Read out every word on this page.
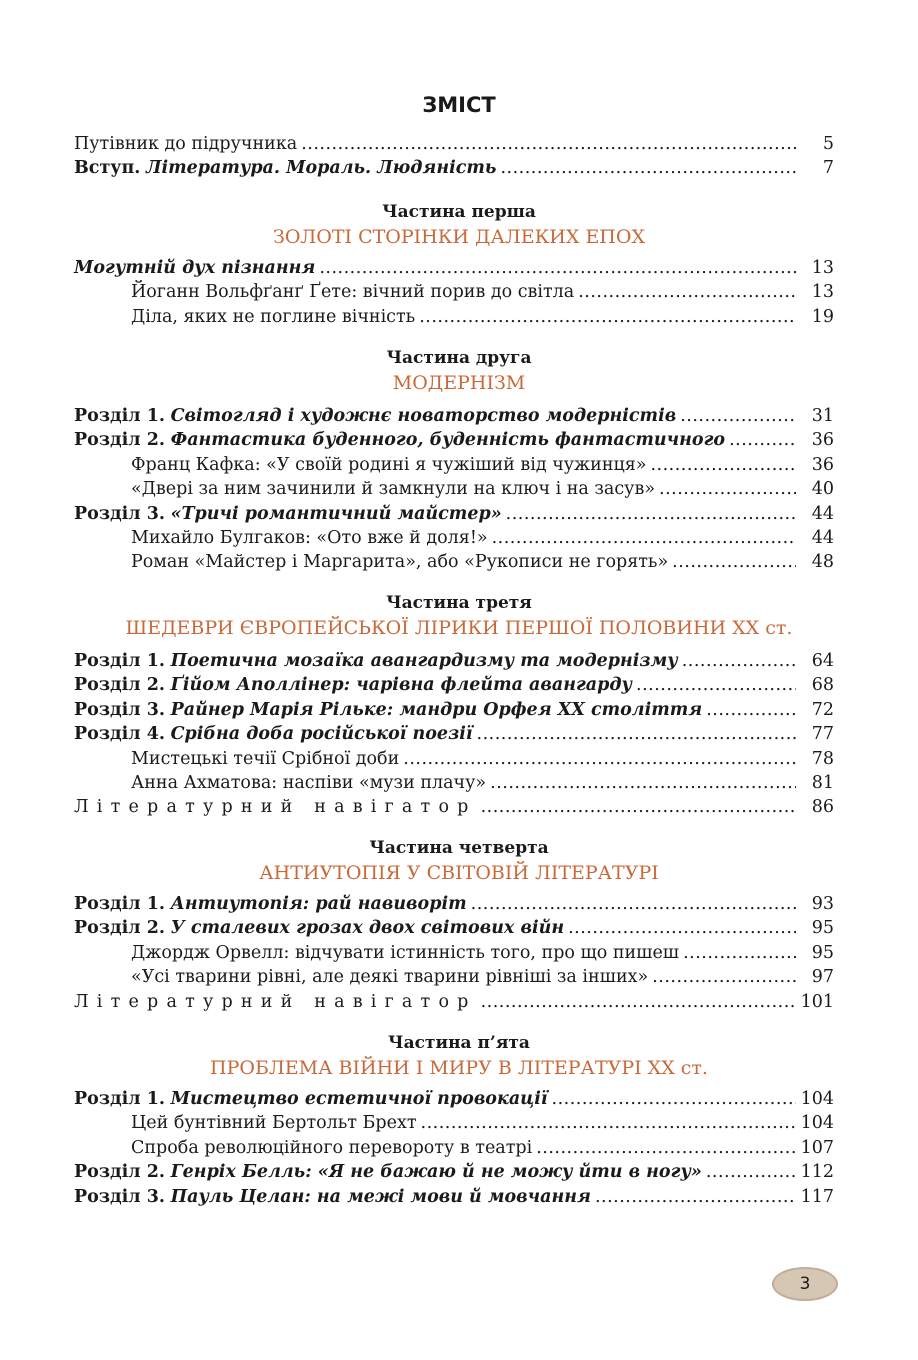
ЗМІСТ
Путівник до підручника .....	5
Вступ. Література. Мораль. Людяність .....	7
Частина перша
ЗОЛОТІ СТОРІНКИ ДАЛЕКИХ ЕПОХ
Могутній дух пізнання .....	13
Йоганн Вольфґанґ Ґете: вічний порив до світла .....	13
Діла, яких не поглине вічність .....	19
Частина друга
МОДЕРНІЗМ
Розділ 1. Світогляд і художнє новаторство модерністів .....	31
Розділ 2. Фантастика буденного, буденність фантастичного .....	36
Франц Кафка: «У своїй родині я чужіший від чужинця» .....	36
«Двері за ним зачинили й замкнули на ключ і на засув» .....	40
Розділ 3. «Тричі романтичний майстер» .....	44
Михайло Булгаков: «Ото вже й доля!» .....	44
Роман «Майстер і Маргарита», або «Рукописи не горять» .....	48
Частина третя
ШЕДЕВРИ ЄВРОПЕЙСЬКОЇ ЛІРИКИ ПЕРШОЇ ПОЛОВИНИ XX ст.
Розділ 1. Поетична мозаїка авангардизму та модернізму .....	64
Розділ 2. Ґійом Аполлінер: чарівна флейта авангарду .....	68
Розділ 3. Райнер Марія Рільке: мандри Орфея XX століття .....	72
Розділ 4. Срібна доба російської поезії .....	77
Мистецькі течії Срібної доби .....	78
Анна Ахматова: наспіви «музи плачу» .....	81
Літературний навігатор .....	86
Частина четверта
АНТИУТОПІЯ У СВІТОВІЙ ЛІТЕРАТУРІ
Розділ 1. Антиутопія: рай навиворіт .....	93
Розділ 2. У сталевих грозах двох світових війн .....	95
Джордж Орвелл: відчувати істинність того, про що пишеш .....	95
«Усі тварини рівні, але деякі тварини рівніші за інших» .....	97
Літературний навігатор .....	101
Частина п’ята
ПРОБЛЕМА ВІЙНИ І МИРУ В ЛІТЕРАТУРІ XX ст.
Розділ 1. Мистецтво естетичної провокації .....	104
Цей бунтівний Бертольт Брехт .....	104
Спроба революційного перевороту в театрі .....	107
Розділ 2. Генріх Белль: «Я не бажаю й не можу йти в ногу» .....	112
Розділ 3. Пауль Целан: на межі мови й мовчання .....	117
3
